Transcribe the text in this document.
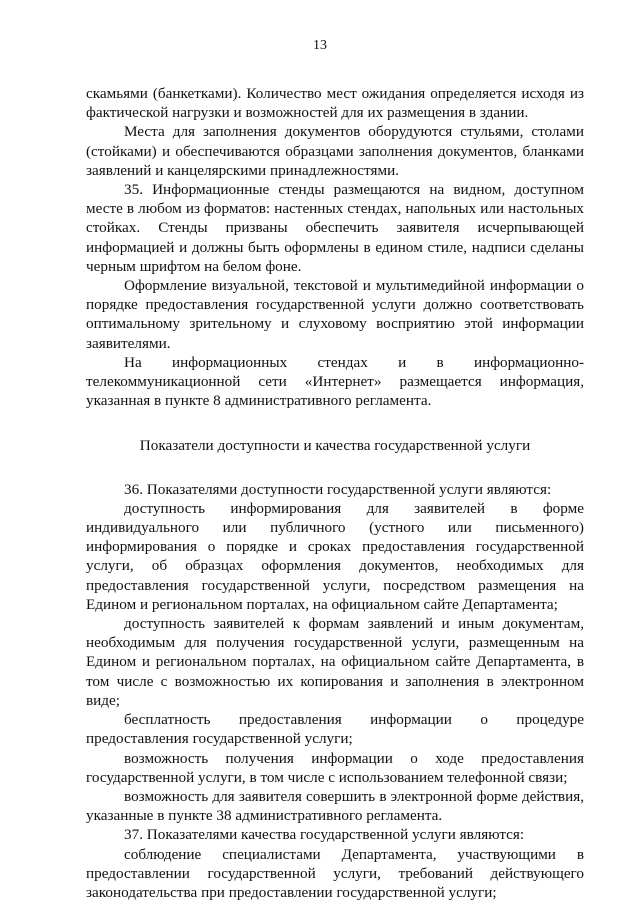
13

скамьями (банкетками). Количество мест ожидания определяется исходя из фактической нагрузки и возможностей для их размещения в здании.

Места для заполнения документов оборудуются стульями, столами (стойками) и обеспечиваются образцами заполнения документов, бланками заявлений и канцелярскими принадлежностями.

35. Информационные стенды размещаются на видном, доступном месте в любом из форматов: настенных стендах, напольных или настольных стойках. Стенды призваны обеспечить заявителя исчерпывающей информацией и должны быть оформлены в едином стиле, надписи сделаны черным шрифтом на белом фоне.

Оформление визуальной, текстовой и мультимедийной информации о порядке предоставления государственной услуги должно соответствовать оптимальному зрительному и слуховому восприятию этой информации заявителями.

На информационных стендах и в информационно-телекоммуникационной сети «Интернет» размещается информация, указанная в пункте 8 административного регламента.

Показатели доступности и качества государственной услуги

36. Показателями доступности государственной услуги являются:

доступность информирования для заявителей в форме индивидуального или публичного (устного или письменного) информирования о порядке и сроках предоставления государственной услуги, об образцах оформления документов, необходимых для предоставления государственной услуги, посредством размещения на Едином и региональном порталах, на официальном сайте Департамента;

доступность заявителей к формам заявлений и иным документам, необходимым для получения государственной услуги, размещенным на Едином и региональном порталах, на официальном сайте Департамента, в том числе с возможностью их копирования и заполнения в электронном виде;

бесплатность предоставления информации о процедуре предоставления государственной услуги;

возможность получения информации о ходе предоставления государственной услуги, в том числе с использованием телефонной связи;

возможность для заявителя совершить в электронной форме действия, указанные в пункте 38 административного регламента.

37. Показателями качества государственной услуги являются:

соблюдение специалистами Департамента, участвующими в предоставлении государственной услуги, требований действующего законодательства при предоставлении государственной услуги;
